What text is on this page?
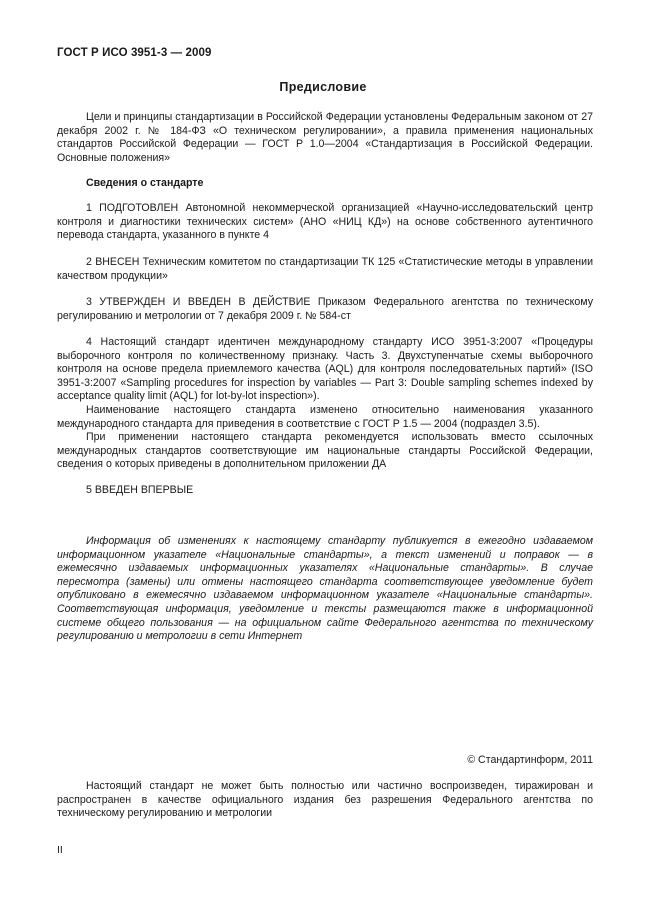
ГОСТ Р ИСО 3951-3 — 2009
Предисловие

Цели и принципы стандартизации в Российской Федерации установлены Федеральным законом от 27 декабря 2002 г. № 184-ФЗ «О техническом регулировании», а правила применения национальных стандартов Российской Федерации — ГОСТ Р 1.0—2004 «Стандартизация в Российской Федерации. Основные положения»

Сведения о стандарте

1 ПОДГОТОВЛЕН Автономной некоммерческой организацией «Научно-исследовательский центр контроля и диагностики технических систем» (АНО «НИЦ КД») на основе собственного аутентичного перевода стандарта, указанного в пункте 4

2 ВНЕСЕН Техническим комитетом по стандартизации ТК 125 «Статистические методы в управлении качеством продукции»

3 УТВЕРЖДЕН И ВВЕДЕН В ДЕЙСТВИЕ Приказом Федерального агентства по техническому регулированию и метрологии от 7 декабря 2009 г. № 584-ст

4 Настоящий стандарт идентичен международному стандарту ИСО 3951-3:2007 «Процедуры выборочного контроля по количественному признаку. Часть 3. Двухступенчатые схемы выборочного контроля на основе предела приемлемого качества (AQL) для контроля последовательных партий» (ISO 3951-3:2007 «Sampling procedures for inspection by variables — Part 3: Double sampling schemes indexed by acceptance quality limit (AQL) for lot-by-lot inspection»).

Наименование настоящего стандарта изменено относительно наименования указанного международного стандарта для приведения в соответствие с ГОСТ Р 1.5 — 2004 (подраздел 3.5).

При применении настоящего стандарта рекомендуется использовать вместо ссылочных международных стандартов соответствующие им национальные стандарты Российской Федерации, сведения о которых приведены в дополнительном приложении ДА

5 ВВЕДЕН ВПЕРВЫЕ

Информация об изменениях к настоящему стандарту публикуется в ежегодно издаваемом информационном указателе «Национальные стандарты», а текст изменений и поправок — в ежемесячно издаваемых информационных указателях «Национальные стандарты». В случае пересмотра (замены) или отмены настоящего стандарта соответствующее уведомление будет опубликовано в ежемесячно издаваемом информационном указателе «Национальные стандарты». Соответствующая информация, уведомление и тексты размещаются также в информационной системе общего пользования — на официальном сайте Федерального агентства по техническому регулированию и метрологии в сети Интернет

© Стандартинформ, 2011

Настоящий стандарт не может быть полностью или частично воспроизведен, тиражирован и распространен в качестве официального издания без разрешения Федерального агентства по техническому регулированию и метрологии

II
